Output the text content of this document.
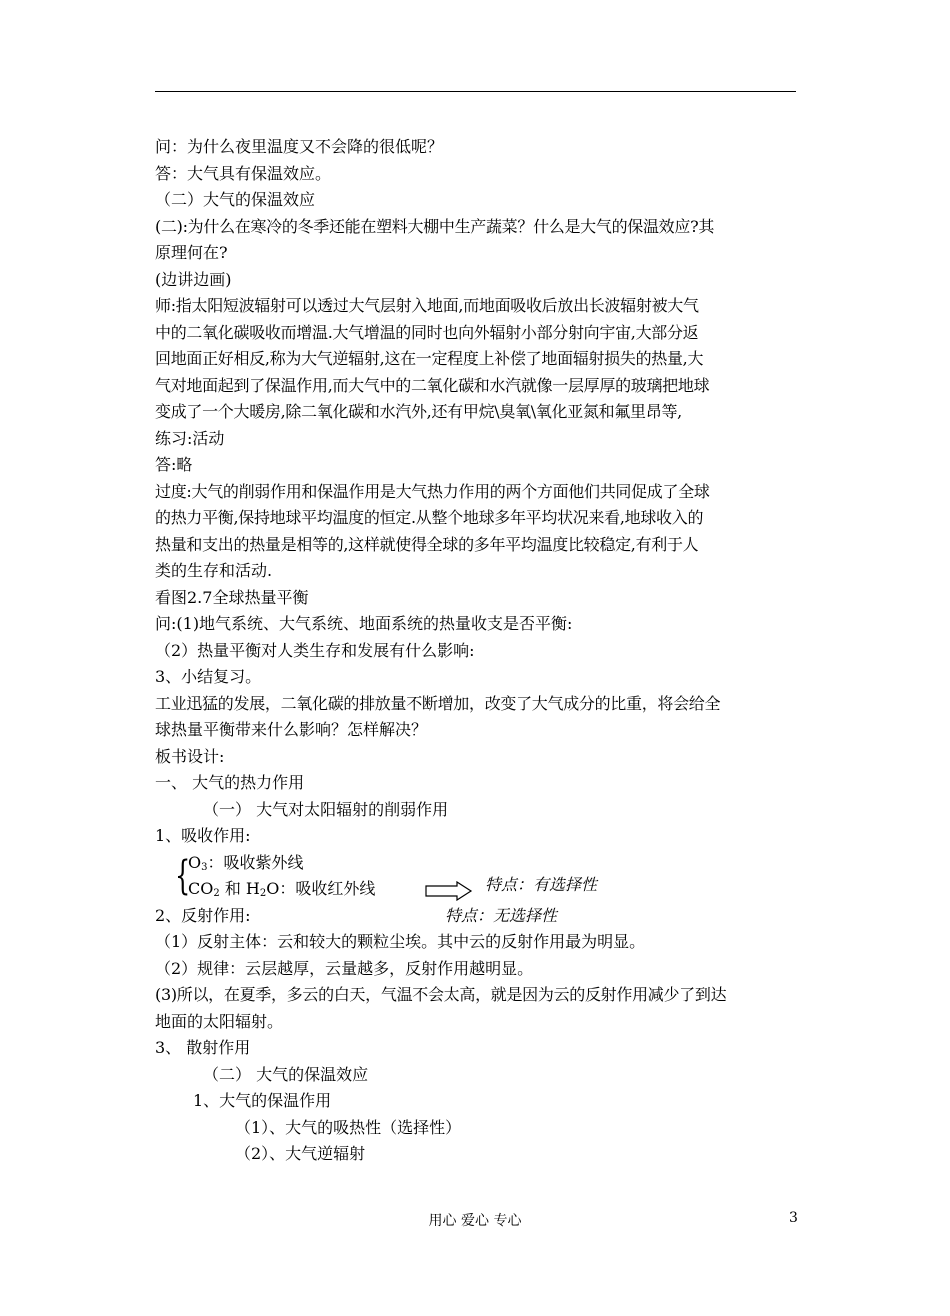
问：为什么夜里温度又不会降的很低呢？
答：大气具有保温效应。
（二）大气的保温效应
(二):为什么在寒冷的冬季还能在塑料大棚中生产蔬菜？什么是大气的保温效应?其
原理何在?
(边讲边画)
师:指太阳短波辐射可以透过大气层射入地面,而地面吸收后放出长波辐射被大气
中的二氧化碳吸收而增温.大气增温的同时也向外辐射小部分射向宇宙,大部分返
回地面正好相反,称为大气逆辐射,这在一定程度上补偿了地面辐射损失的热量,大
气对地面起到了保温作用,而大气中的二氧化碳和水汽就像一层厚厚的玻璃把地球
变成了一个大暖房,除二氧化碳和水汽外,还有甲烷\臭氧\氧化亚氮和氟里昂等,
练习:活动
答:略
过度:大气的削弱作用和保温作用是大气热力作用的两个方面他们共同促成了全球
的热力平衡,保持地球平均温度的恒定.从整个地球多年平均状况来看,地球收入的
热量和支出的热量是相等的,这样就使得全球的多年平均温度比较稳定,有利于人
类的生存和活动.
看图2.7全球热量平衡
问:(1)地气系统、大气系统、地面系统的热量收支是否平衡:
（2）热量平衡对人类生存和发展有什么影响:
3、小结复习。
工业迅猛的发展，二氧化碳的排放量不断增加，改变了大气成分的比重，将会给全
球热量平衡带来什么影响？怎样解决？
板书设计:
一、 大气的热力作用
（一） 大气对太阳辐射的削弱作用
1、吸收作用:
{
$O_3$：吸收紫外线
$CO_2$ 和 $H_2O$：吸收红外线	特点：有选择性
2、反射作用:	特点：无选择性
（1）反射主体：云和较大的颗粒尘埃。其中云的反射作用最为明显。
（2）规律：云层越厚，云量越多，反射作用越明显。
(3)所以，在夏季，多云的白天，气温不会太高，就是因为云的反射作用减少了到达
地面的太阳辐射。
3、 散射作用
（二） 大气的保温效应
1、大气的保温作用
（1）、大气的吸热性（选择性）
（2）、大气逆辐射
用心 爱心 专心	3
